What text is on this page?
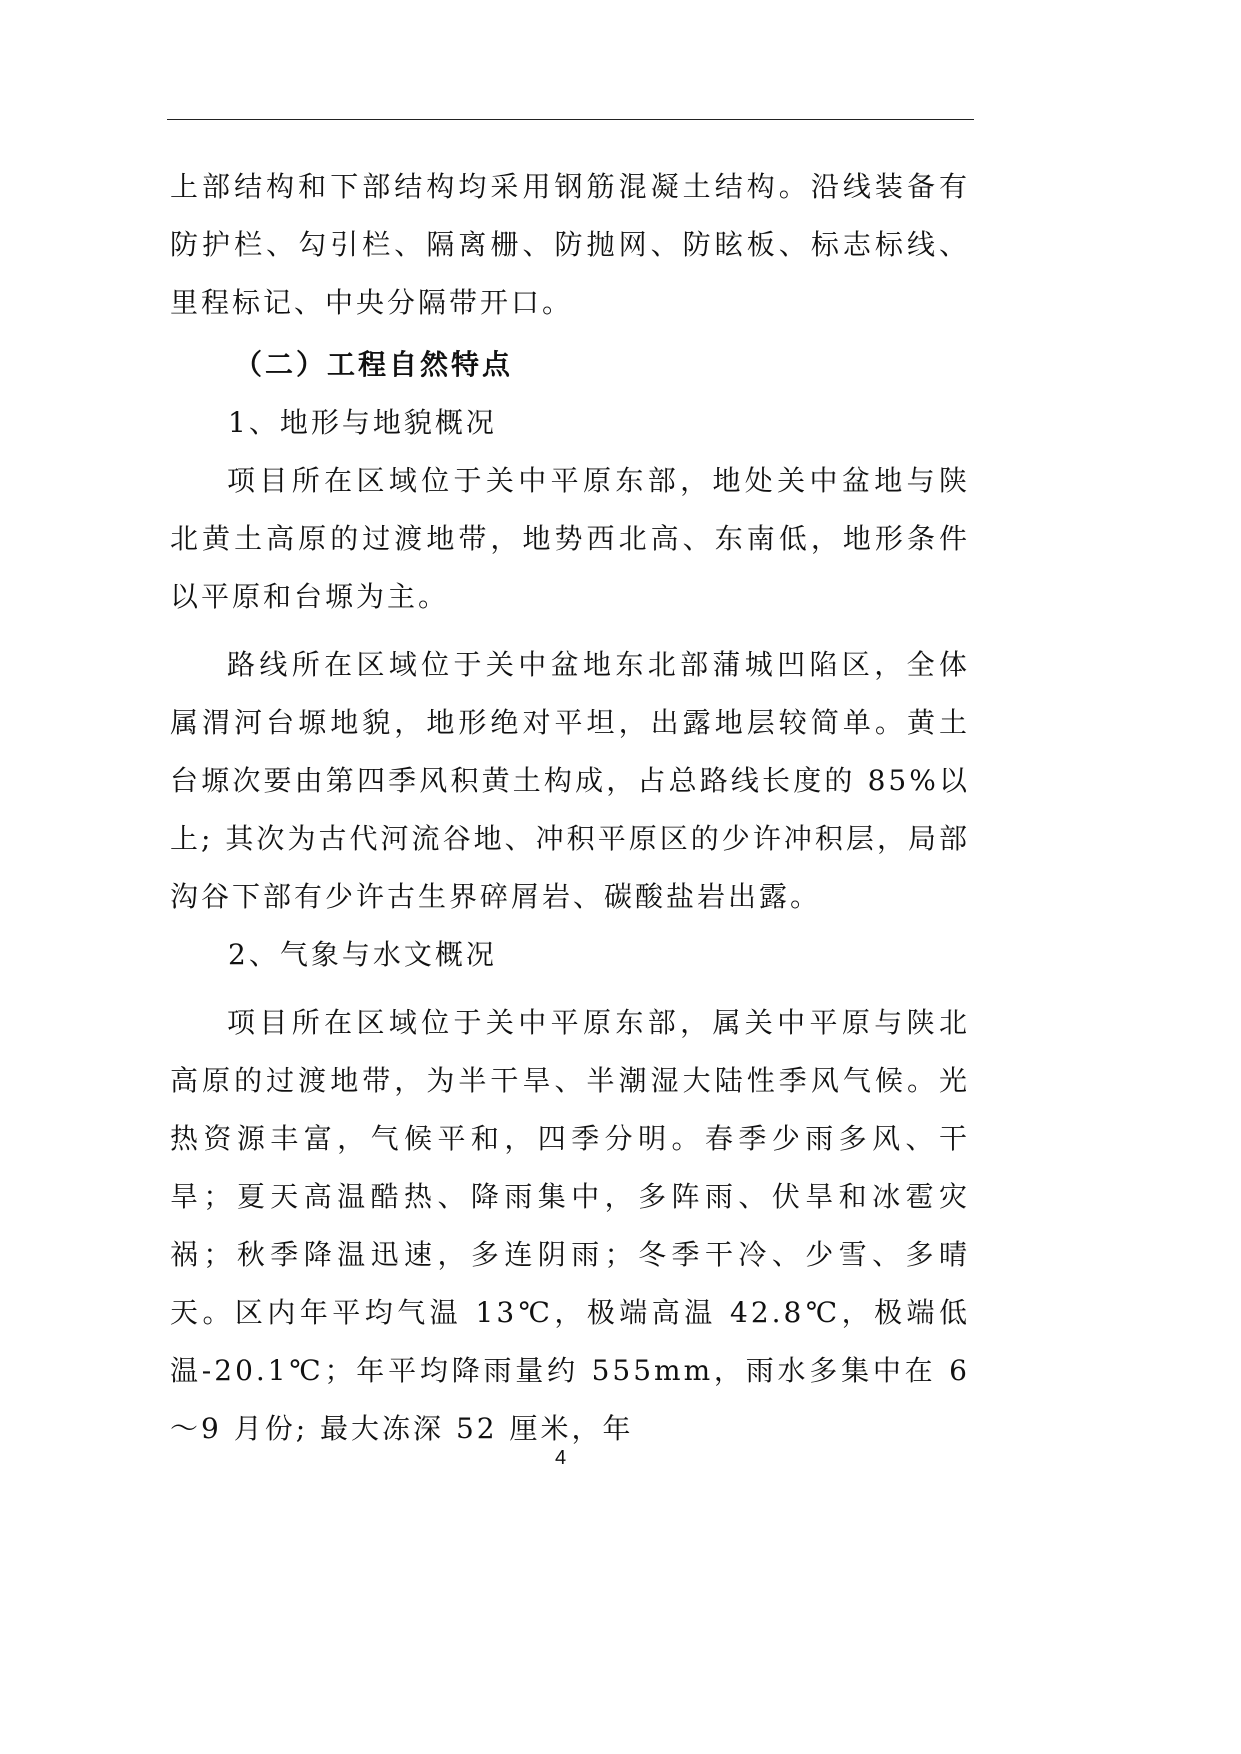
上部结构和下部结构均采用钢筋混凝土结构。沿线装备有防护栏、勾引栏、隔离栅、防抛网、防眩板、标志标线、里程标记、中央分隔带开口。

（二）工程自然特点

1、地形与地貌概况

项目所在区域位于关中平原东部，地处关中盆地与陕北黄土高原的过渡地带，地势西北高、东南低，地形条件以平原和台塬为主。

路线所在区域位于关中盆地东北部蒲城凹陷区，全体属渭河台塬地貌，地形绝对平坦，出露地层较简单。黄土台塬次要由第四季风积黄土构成，占总路线长度的 85%以上; 其次为古代河流谷地、冲积平原区的少许冲积层，局部沟谷下部有少许古生界碎屑岩、碳酸盐岩出露。

2、气象与水文概况

项目所在区域位于关中平原东部，属关中平原与陕北高原的过渡地带，为半干旱、半潮湿大陆性季风气候。光热资源丰富，气候平和，四季分明。春季少雨多风、干旱；夏天高温酷热、降雨集中，多阵雨、伏旱和冰雹灾祸；秋季降温迅速，多连阴雨；冬季干冷、少雪、多晴天。区内年平均气温 13℃，极端高温 42.8℃，极端低温-20.1℃；年平均降雨量约 555mm，雨水多集中在 6～9 月份; 最大冻深 52 厘米，年

4
